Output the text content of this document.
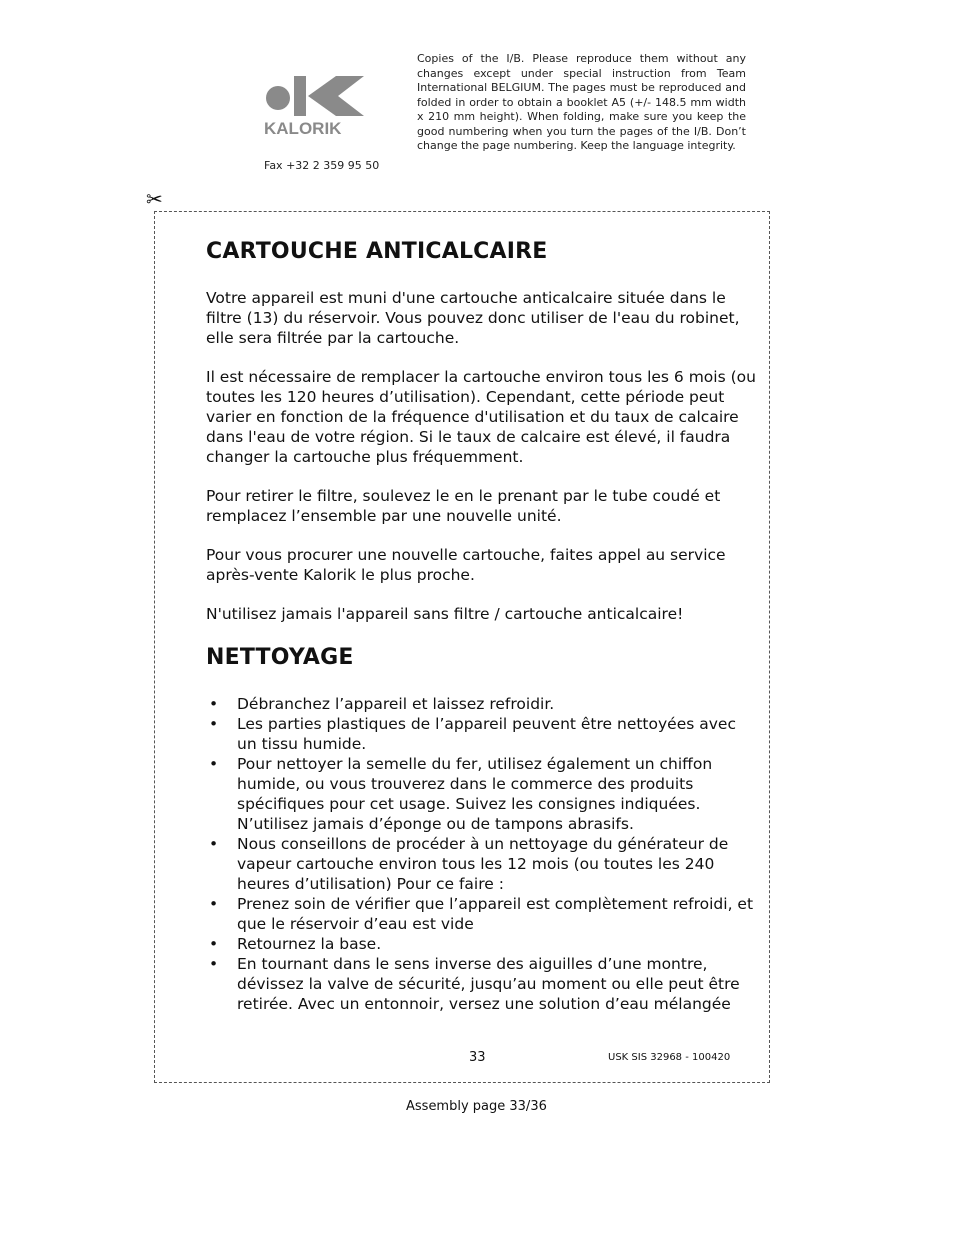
KALORIK
Fax +32 2 359 95 50
Copies of the I/B. Please reproduce them without any changes except under special instruction from Team International BELGIUM. The pages must be reproduced and folded in order to obtain a booklet A5 (+/- 148.5 mm width x 210 mm height). When folding, make sure you keep the good numbering when you turn the pages of the I/B. Don’t change the page numbering. Keep the language integrity.
✂
CARTOUCHE ANTICALCAIRE

Votre appareil est muni d'une cartouche anticalcaire située dans le filtre (13) du réservoir. Vous pouvez donc utiliser de l'eau du robinet, elle sera filtrée par la cartouche.

Il est nécessaire de remplacer la cartouche environ tous les 6 mois (ou toutes les 120 heures d’utilisation). Cependant, cette période peut varier en fonction de la fréquence d'utilisation et du taux de calcaire dans l'eau de votre région. Si le taux de calcaire est élevé, il faudra changer la cartouche plus fréquemment.

Pour retirer le filtre, soulevez le en le prenant par le tube coudé et remplacez l’ensemble par une nouvelle unité.

Pour vous procurer une nouvelle cartouche, faites appel au service après-vente Kalorik le plus proche.

N'utilisez jamais l'appareil sans filtre / cartouche anticalcaire!

NETTOYAGE
• Débranchez l’appareil et laissez refroidir.
• Les parties plastiques de l’appareil peuvent être nettoyées avec un tissu humide.
• Pour nettoyer la semelle du fer, utilisez également un chiffon humide, ou vous trouverez dans le commerce des produits spécifiques pour cet usage. Suivez les consignes indiquées. N’utilisez jamais d’éponge ou de tampons abrasifs.
• Nous conseillons de procéder à un nettoyage du générateur de vapeur cartouche environ tous les 12 mois (ou toutes les 240 heures d’utilisation) Pour ce faire :
• Prenez soin de vérifier que l’appareil est complètement refroidi, et que le réservoir d’eau est vide
• Retournez la base.
• En tournant dans le sens inverse des aiguilles d’une montre, dévissez la valve de sécurité, jusqu’au moment ou elle peut être retirée. Avec un entonnoir, versez une solution d’eau mélangée
33	USK SIS 32968 - 100420
Assembly page 33/36
